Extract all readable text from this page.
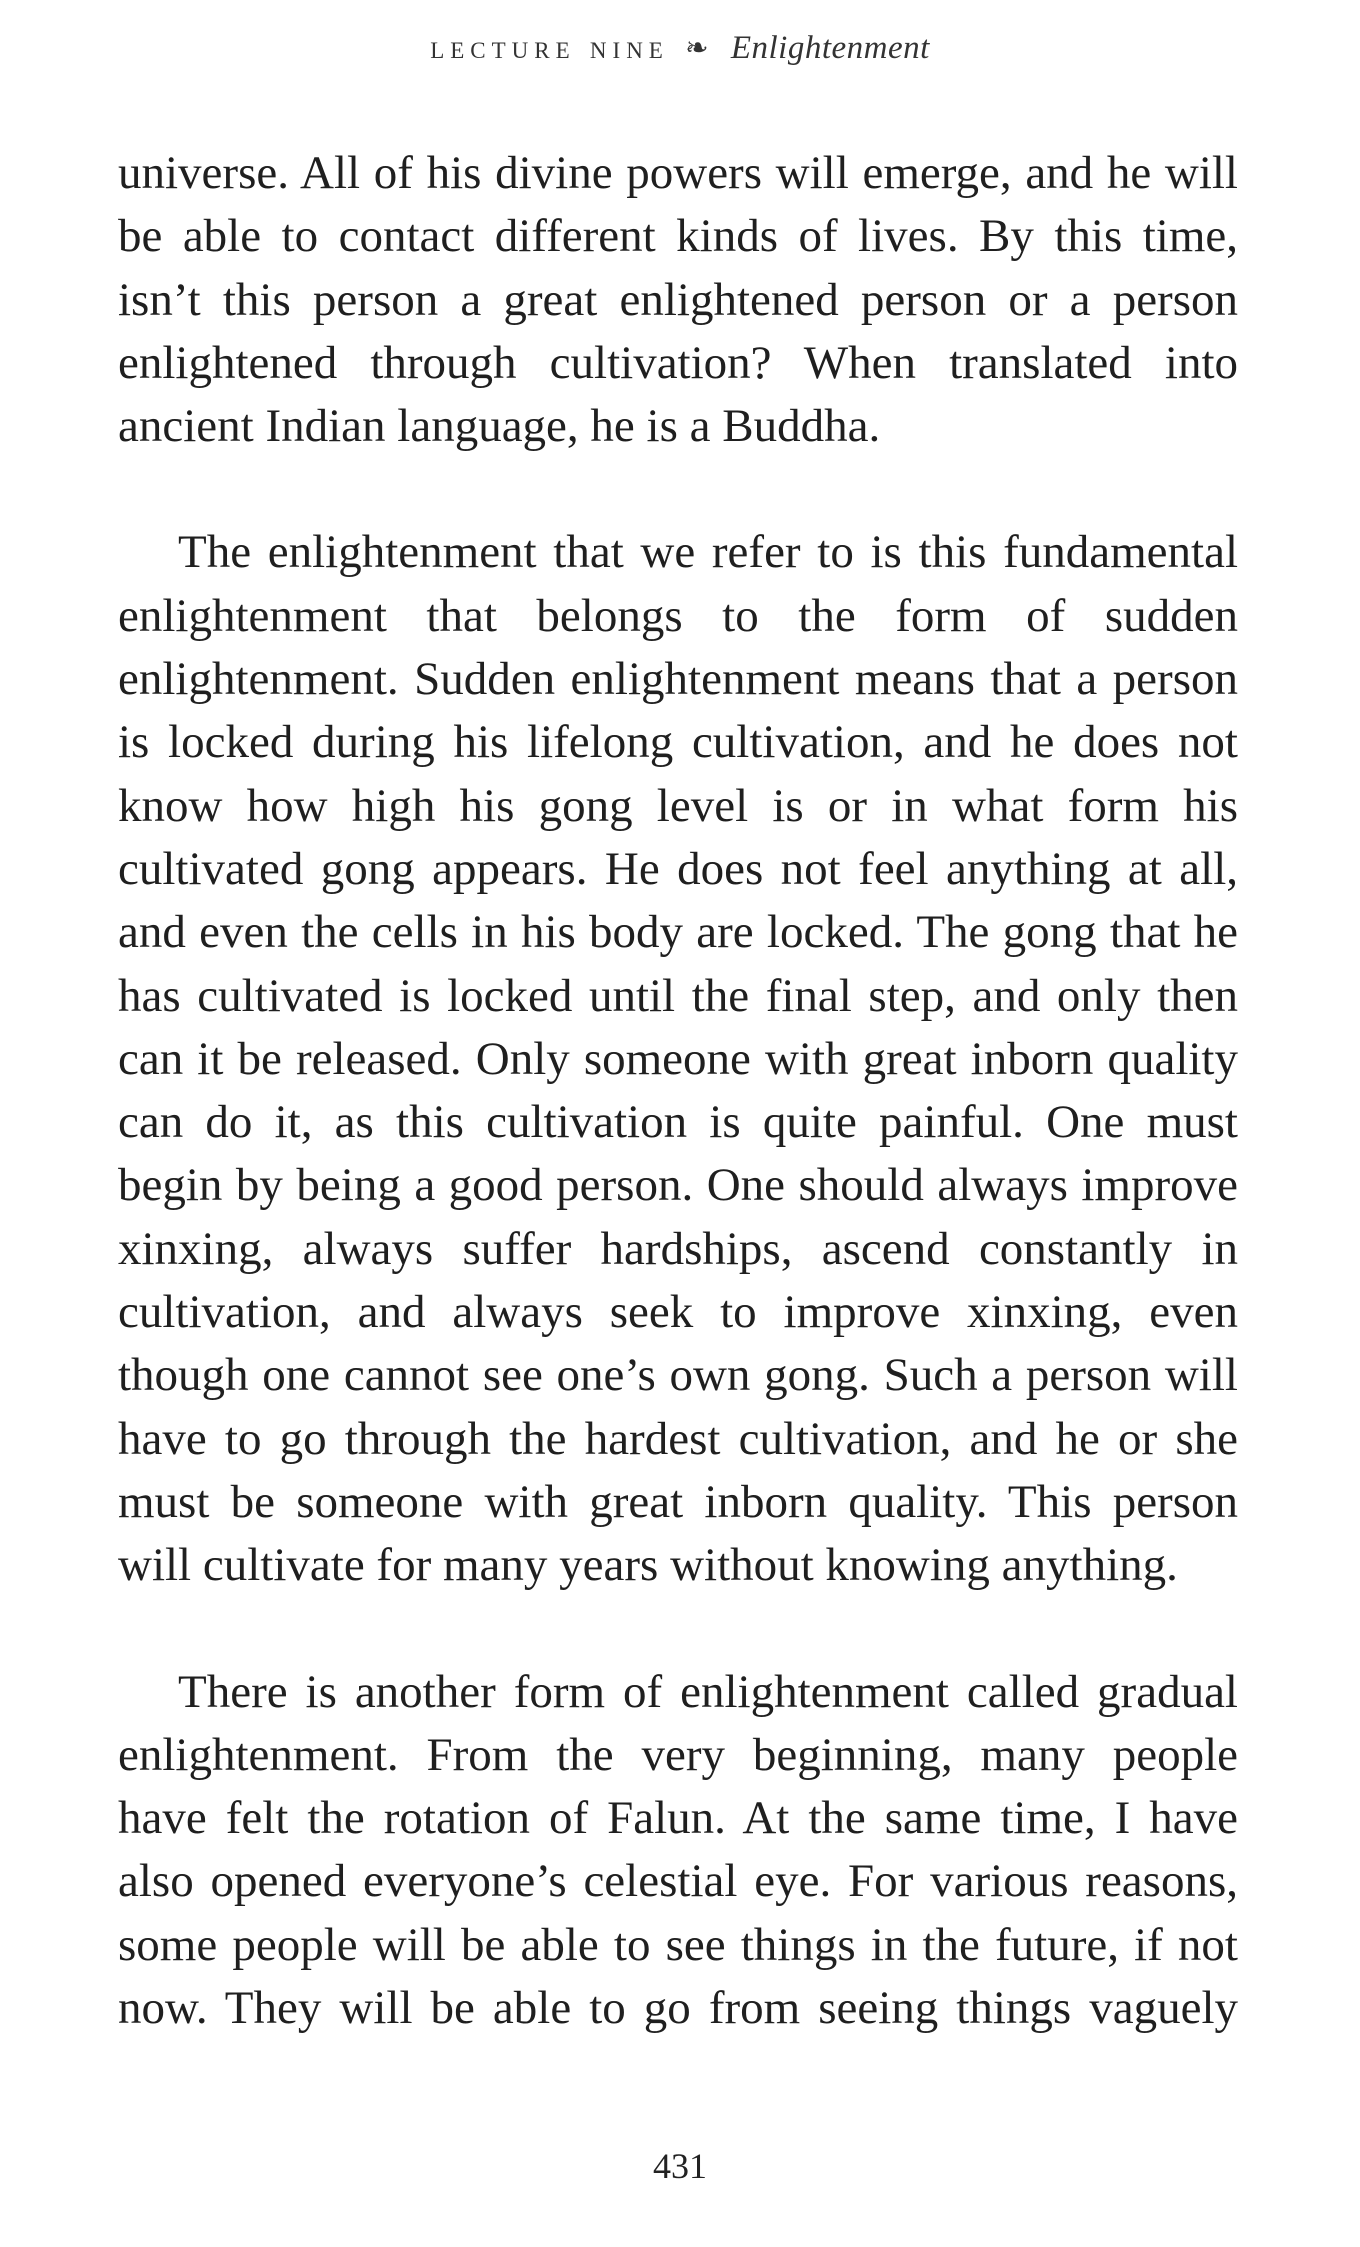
lecture nine ❧ Enlightenment

universe. All of his divine powers will emerge, and he will be able to contact different kinds of lives. By this time, isn’t this person a great enlightened person or a person enlightened through cultivation? When translated into ancient Indian language, he is a Buddha.

The enlightenment that we refer to is this fundamental enlightenment that belongs to the form of sudden enlightenment. Sudden enlightenment means that a person is locked during his lifelong cultivation, and he does not know how high his gong level is or in what form his cultivated gong appears. He does not feel anything at all, and even the cells in his body are locked. The gong that he has cultivated is locked until the final step, and only then can it be released. Only someone with great inborn quality can do it, as this cultivation is quite painful. One must begin by being a good person. One should always improve xinxing, always suffer hardships, ascend constantly in cultivation, and always seek to improve xinxing, even though one cannot see one’s own gong. Such a person will have to go through the hardest cultivation, and he or she must be someone with great inborn quality. This person will cultivate for many years without knowing anything.

There is another form of enlightenment called gradual enlightenment. From the very beginning, many people have felt the rotation of Falun. At the same time, I have also opened everyone’s celestial eye. For various reasons, some people will be able to see things in the future, if not now. They will be able to go from seeing things vaguely

431
